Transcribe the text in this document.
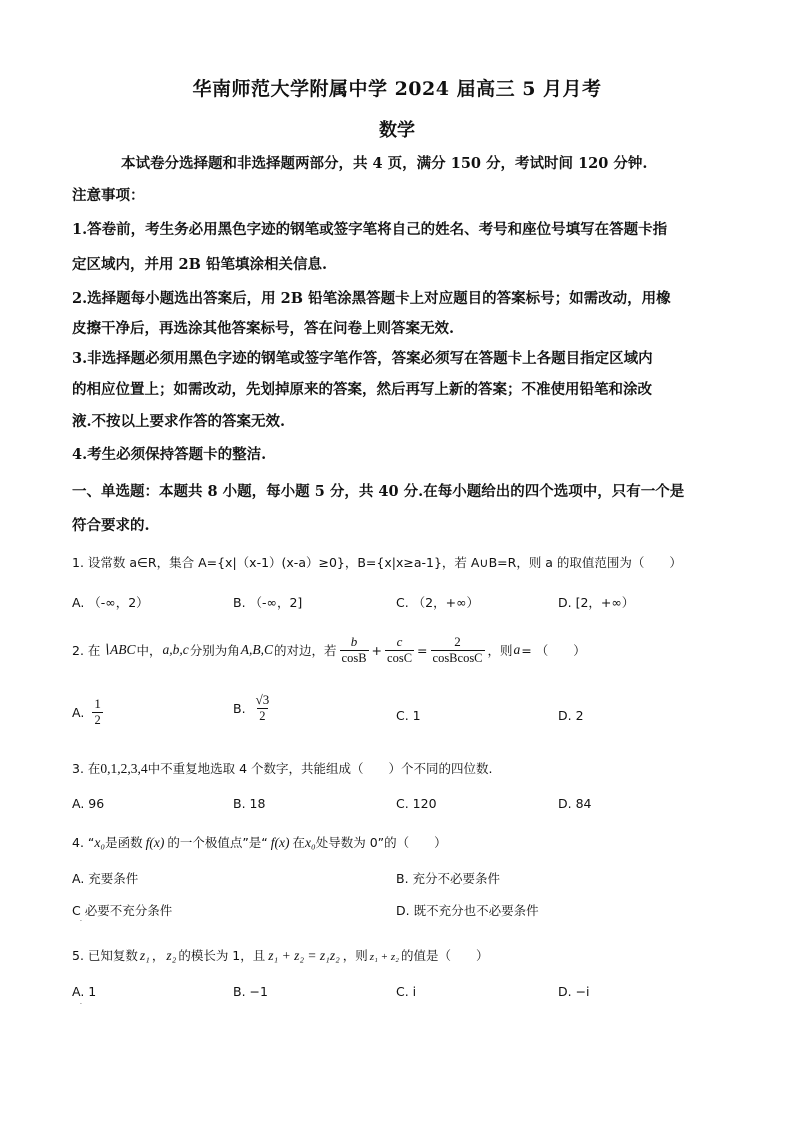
华南师范大学附属中学 2024 届高三 5 月月考
数学
本试卷分选择题和非选择题两部分，共 4 页，满分 150 分，考试时间 120 分钟.
注意事项：
1.答卷前，考生务必用黑色字迹的钢笔或签字笔将自己的姓名、考号和座位号填写在答题卡指
定区域内，并用 2B 铅笔填涂相关信息.
2.选择题每小题选出答案后，用 2B 铅笔涂黑答题卡上对应题目的答案标号；如需改动，用橡
皮擦干净后，再选涂其他答案标号，答在问卷上则答案无效.
3.非选择题必须用黑色字迹的钢笔或签字笔作答，答案必须写在答题卡上各题目指定区域内
的相应位置上；如需改动，先划掉原来的答案，然后再写上新的答案；不准使用铅笔和涂改
液.不按以上要求作答的答案无效.
4.考生必须保持答题卡的整洁.
一、单选题：本题共 8 小题，每小题 5 分，共 40 分.在每小题给出的四个选项中，只有一个是
符合要求的.
1. 设常数 a∈R，集合 A={x|（x-1）(x-a）≥0}，B={x|x≥a-1}，若 A∪B=R，则 a 的取值范围为（　　）
A. （-∞，2）	B. （-∞，2]	C. （2，+∞）	D. [2，+∞）
2. 在 ∖ABC 中， a,b,c 分别为角 A,B,C 的对边，若 $\frac{b}{\cos B} + \frac{c}{\cos C} = \frac{2}{\text{cosBcosC}}$ ，则 a = （　　）
A. $\frac{1}{2}$	B. $\frac{√3}{2}$	C. 1	D. 2
3. 在0,1,2,3,4中不重复地选取 4 个数字，共能组成（　　）个不同的四位数.
A. 96	B. 18	C. 120	D. 84
4. “x₀是函数 f(x) 的一个极值点”是“ f(x) 在x₀处导数为 0”的（　　）
A. 充要条件	B. 充分不必要条件
C 必要不充分条件	D. 既不充分也不必要条件
·
5. 已知复数 z₁ ， z₂ 的模长为 1，且 z₁ + z₂ = z₁z₂ ，则 z₁ + z₂ 的值是（　　）
A. 1	B. −1	C. i	D. −i
·
